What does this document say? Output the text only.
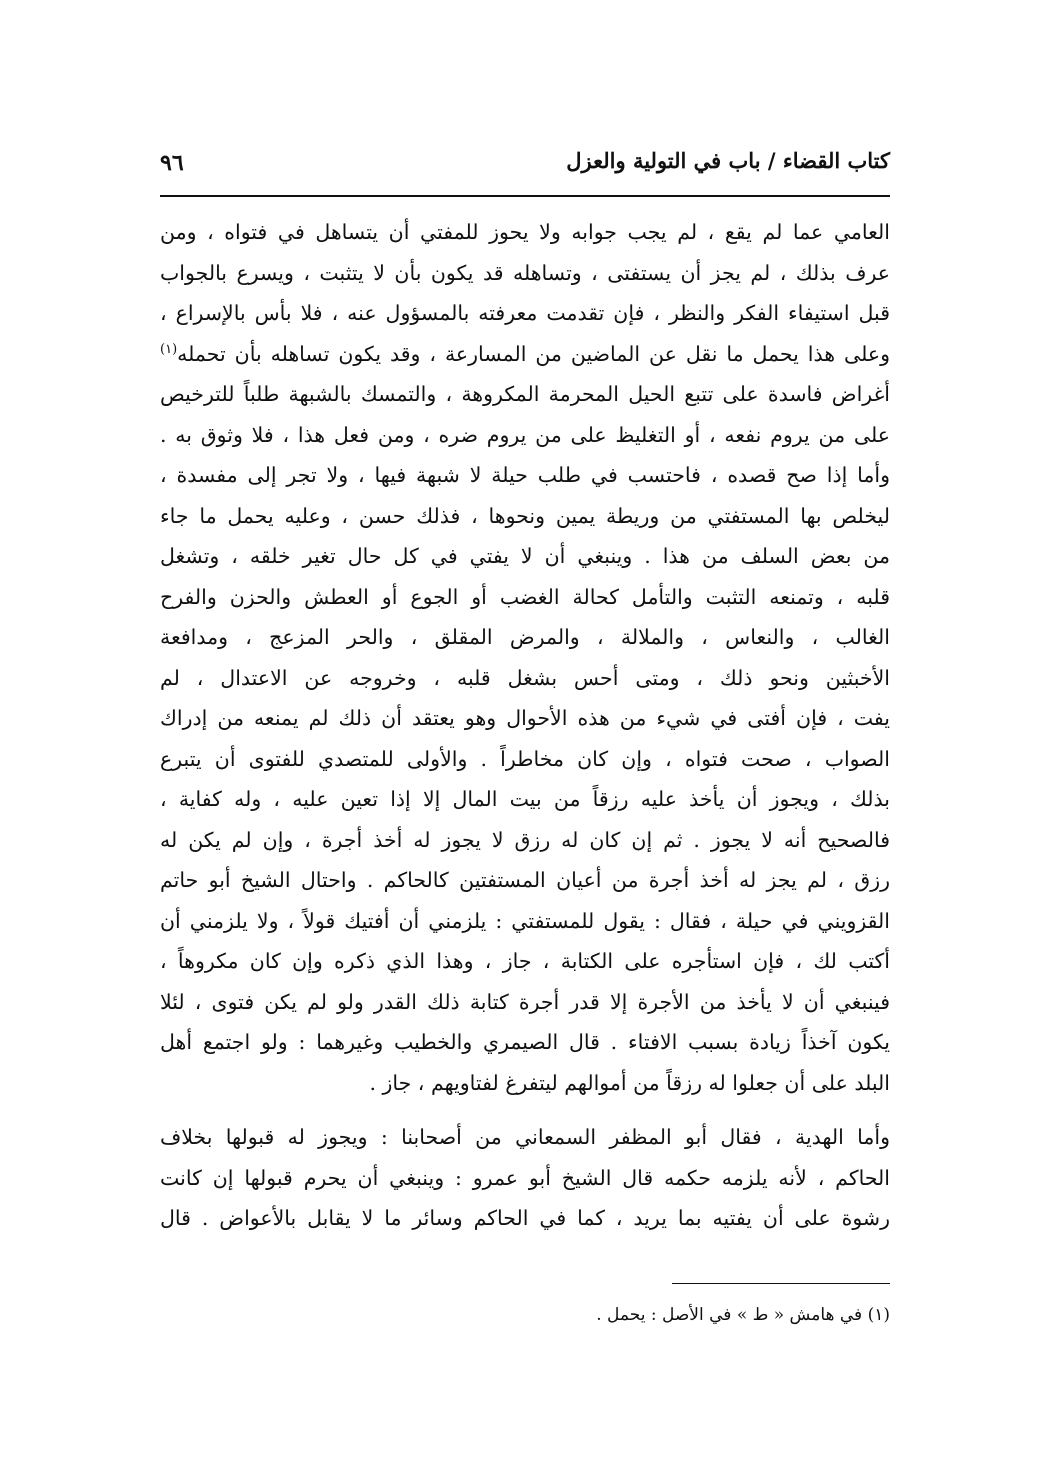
كتاب القضاء / باب في التولية والعزل
٩٦
العامي عما لم يقع ، لم يجب جوابه ولا يحوز للمفتي أن يتساهل في فتواه ، ومن
عرف بذلك ، لم يجز أن يستفتى ، وتساهله قد يكون بأن لا يتثبت ، ويسرع بالجواب
قبل استيفاء الفكر والنظر ، فإن تقدمت معرفته بالمسؤول عنه ، فلا بأس بالإسراع ،
وعلى هذا يحمل ما نقل عن الماضين من المسارعة ، وقد يكون تساهله بأن تحمله$^{(١)}$
أغراض فاسدة على تتبع الحيل المحرمة المكروهة ، والتمسك بالشبهة طلباً للترخيص
على من يروم نفعه ، أو التغليظ على من يروم ضره ، ومن فعل هذا ، فلا وثوق به .
وأما إذا صح قصده ، فاحتسب في طلب حيلة لا شبهة فيها ، ولا تجر إلى مفسدة ،
ليخلص بها المستفتي من وريطة يمين ونحوها ، فذلك حسن ، وعليه يحمل ما جاء
من بعض السلف من هذا . وينبغي أن لا يفتي في كل حال تغير خلقه ، وتشغل
قلبه ، وتمنعه التثبت والتأمل كحالة الغضب أو الجوع أو العطش والحزن والفرح
الغالب ، والنعاس ، والملالة ، والمرض المقلق ، والحر المزعج ، ومدافعة
الأخبثين ونحو ذلك ، ومتى أحس بشغل قلبه ، وخروجه عن الاعتدال ، لم
يفت ، فإن أفتى في شيء من هذه الأحوال وهو يعتقد أن ذلك لم يمنعه من إدراك
الصواب ، صحت فتواه ، وإن كان مخاطراً . والأولى للمتصدي للفتوى أن يتبرع
بذلك ، ويجوز أن يأخذ عليه رزقاً من بيت المال إلا إذا تعين عليه ، وله كفاية ،
فالصحيح أنه لا يجوز . ثم إن كان له رزق لا يجوز له أخذ أجرة ، وإن لم يكن له
رزق ، لم يجز له أخذ أجرة من أعيان المستفتين كالحاكم . واحتال الشيخ أبو حاتم
القزويني في حيلة ، فقال : يقول للمستفتي : يلزمني أن أفتيك قولاً ، ولا يلزمني أن
أكتب لك ، فإن استأجره على الكتابة ، جاز ، وهذا الذي ذكره وإن كان مكروهاً ،
فينبغي أن لا يأخذ من الأجرة إلا قدر أجرة كتابة ذلك القدر ولو لم يكن فتوى ، لئلا
يكون آخذاً زيادة بسبب الافتاء . قال الصيمري والخطيب وغيرهما : ولو اجتمع أهل
البلد على أن جعلوا له رزقاً من أموالهم ليتفرغ لفتاويهم ، جاز .
وأما الهدية ، فقال أبو المظفر السمعاني من أصحابنا : ويجوز له قبولها بخلاف
الحاكم ، لأنه يلزمه حكمه قال الشيخ أبو عمرو : وينبغي أن يحرم قبولها إن كانت
رشوة على أن يفتيه بما يريد ، كما في الحاكم وسائر ما لا يقابل بالأعواض . قال
(١) في هامش « ط » في الأصل : يحمل .
